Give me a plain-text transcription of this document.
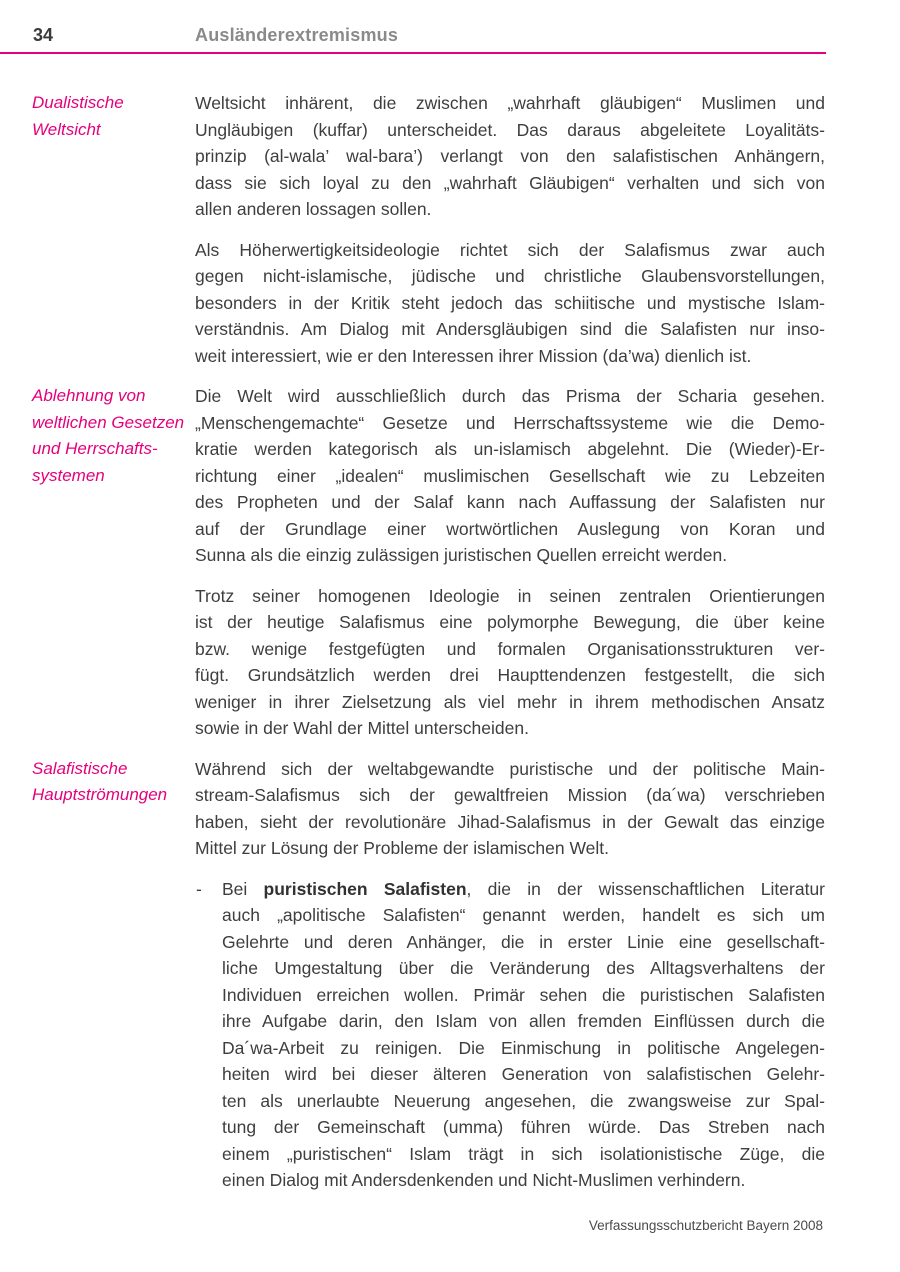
34	Ausländerextremismus
Dualistische
Weltsicht
Weltsicht inhärent, die zwischen „wahrhaft gläubigen“ Muslimen und
Ungläubigen (kuffar) unterscheidet. Das daraus abgeleitete Loyalitäts-
prinzip (al-wala’ wal-bara’) verlangt von den salafistischen Anhängern,
dass sie sich loyal zu den „wahrhaft Gläubigen“ verhalten und sich von
allen anderen lossagen sollen.
Als Höherwertigkeitsideologie richtet sich der Salafismus zwar auch
gegen nicht-islamische, jüdische und christliche Glaubensvorstellungen,
besonders in der Kritik steht jedoch das schiitische und mystische Islam-
verständnis. Am Dialog mit Andersgläubigen sind die Salafisten nur inso-
weit interessiert, wie er den Interessen ihrer Mission (da’wa) dienlich ist.
Ablehnung von
weltlichen Gesetzen
und Herrschafts-
systemen
Die Welt wird ausschließlich durch das Prisma der Scharia gesehen.
„Menschengemachte“ Gesetze und Herrschaftssysteme wie die Demo-
kratie werden kategorisch als un-islamisch abgelehnt. Die (Wieder)-Er-
richtung einer „idealen“ muslimischen Gesellschaft wie zu Lebzeiten
des Propheten und der Salaf kann nach Auffassung der Salafisten nur
auf der Grundlage einer wortwörtlichen Auslegung von Koran und
Sunna als die einzig zulässigen juristischen Quellen erreicht werden.
Trotz seiner homogenen Ideologie in seinen zentralen Orientierungen
ist der heutige Salafismus eine polymorphe Bewegung, die über keine
bzw. wenige festgefügten und formalen Organisationsstrukturen ver-
fügt. Grundsätzlich werden drei Haupttendenzen festgestellt, die sich
weniger in ihrer Zielsetzung als viel mehr in ihrem methodischen Ansatz
sowie in der Wahl der Mittel unterscheiden.
Salafistische
Hauptströmungen
Während sich der weltabgewandte puristische und der politische Main-
stream-Salafismus sich der gewaltfreien Mission (da´wa) verschrieben
haben, sieht der revolutionäre Jihad-Salafismus in der Gewalt das einzige
Mittel zur Lösung der Probleme der islamischen Welt.
- Bei puristischen Salafisten, die in der wissenschaftlichen Literatur
auch „apolitische Salafisten“ genannt werden, handelt es sich um
Gelehrte und deren Anhänger, die in erster Linie eine gesellschaft-
liche Umgestaltung über die Veränderung des Alltagsverhaltens der
Individuen erreichen wollen. Primär sehen die puristischen Salafisten
ihre Aufgabe darin, den Islam von allen fremden Einflüssen durch die
Da´wa-Arbeit zu reinigen. Die Einmischung in politische Angelegen-
heiten wird bei dieser älteren Generation von salafistischen Gelehr-
ten als unerlaubte Neuerung angesehen, die zwangsweise zur Spal-
tung der Gemeinschaft (umma) führen würde. Das Streben nach
einem „puristischen“ Islam trägt in sich isolationistische Züge, die
einen Dialog mit Andersdenkenden und Nicht-Muslimen verhindern.
Verfassungsschutzbericht Bayern 2008
